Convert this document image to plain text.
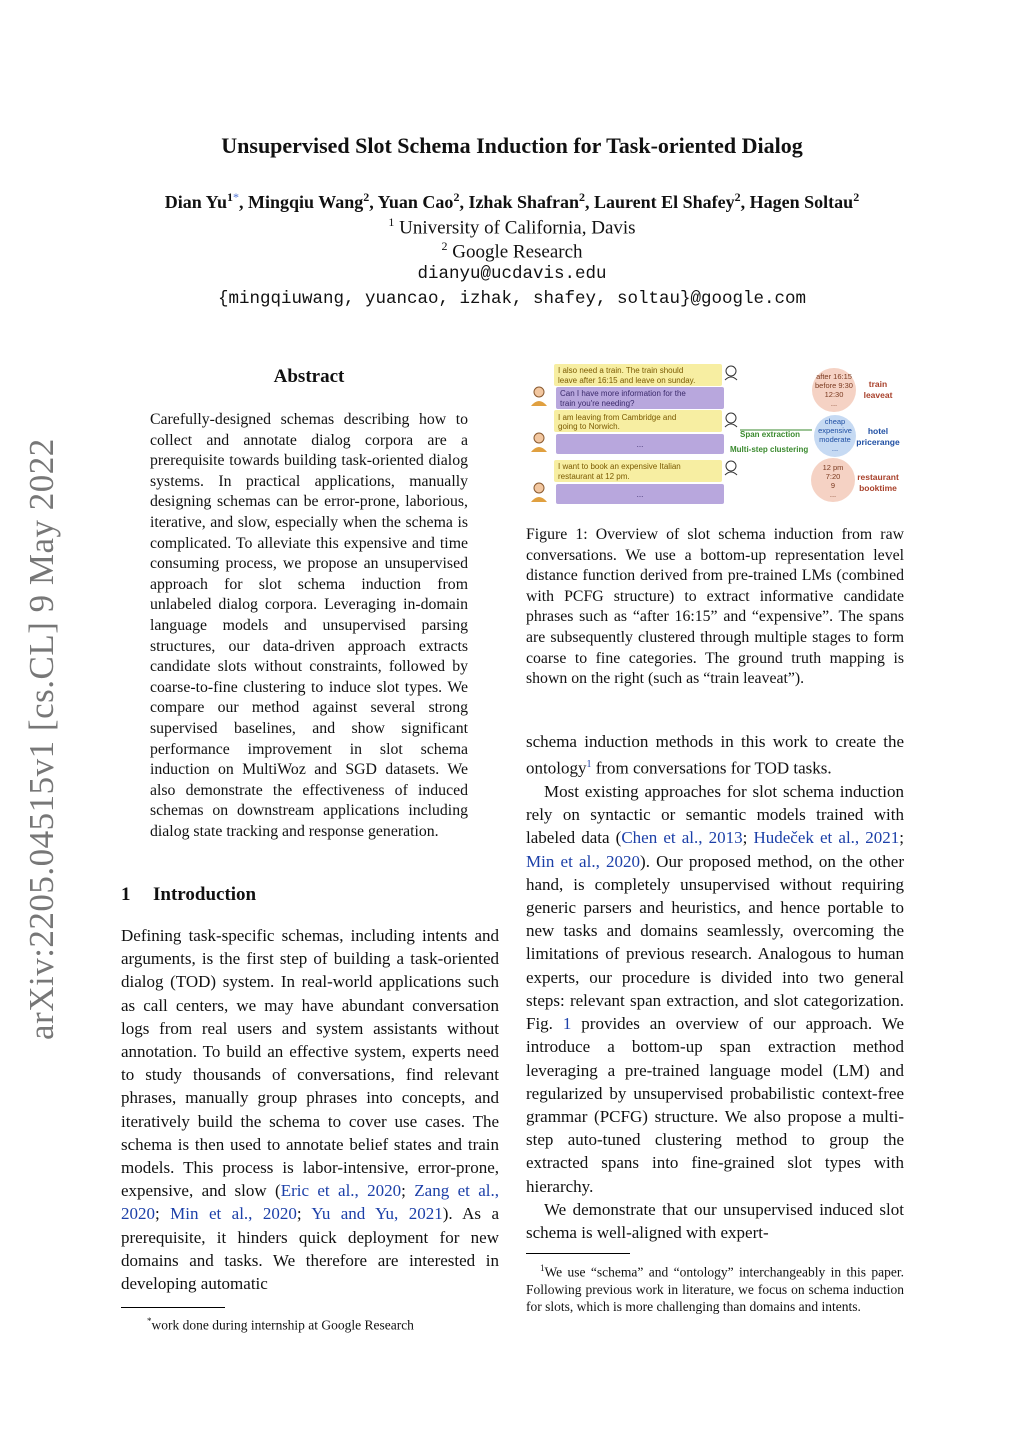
arXiv:2205.04515v1 [cs.CL] 9 May 2022
Unsupervised Slot Schema Induction for Task-oriented Dialog
Dian $Yu^{1*}$, Mingqiu Wang$^2$, Yuan Cao$^2$, Izhak Shafran$^2$, Laurent El Shafey$^2$, Hagen Soltau$^2$
$^1$ University of California, Davis
$^2$ Google Research
dianyu@ucdavis.edu
{mingqiuwang, yuancao, izhak, shafey, soltau}@google.com
Abstract
Carefully-designed schemas describing how to collect and annotate dialog corpora are a prerequisite towards building task-oriented dialog systems. In practical applications, manually designing schemas can be error-prone, laborious, iterative, and slow, especially when the schema is complicated. To alleviate this expensive and time consuming process, we propose an unsupervised approach for slot schema induction from unlabeled dialog corpora. Leveraging in-domain language models and unsupervised parsing structures, our data-driven approach extracts candidate slots without constraints, followed by coarse-to-fine clustering to induce slot types. We compare our method against several strong supervised baselines, and show significant performance improvement in slot schema induction on MultiWoz and SGD datasets. We also demonstrate the effectiveness of induced schemas on downstream applications including dialog state tracking and response generation.
1 Introduction

Defining task-specific schemas, including intents and arguments, is the first step of building a task-oriented dialog (TOD) system. In real-world applications such as call centers, we may have abundant conversation logs from real users and system assistants without annotation. To build an effective system, experts need to study thousands of conversations, find relevant phrases, manually group phrases into concepts, and iteratively build the schema to cover use cases. The schema is then used to annotate belief states and train models. This process is labor-intensive, error-prone, expensive, and slow (Eric et al., 2020; Zang et al., 2020; Min et al., 2020; Yu and Yu, 2021). As a prerequisite, it hinders quick deployment for new domains and tasks. We therefore are interested in developing automatic

*work done during internship at Google Research
I also need a train. The train should
leave after 16:15 and leave on sunday.
Can I have more information for the
train you're needing?
I am leaving from Cambridge and
going to Norwich.
...
I want to book an expensive Italian
restaurant at 12 pm.
...
Span extraction
Multi-step clustering
after 16:15
before 9:30
12:30
...
cheap
expensive
moderate
...
12 pm
7:20
9
...
train
leaveat
hotel
pricerange
restaurant
booktime
Figure 1: Overview of slot schema induction from raw conversations. We use a bottom-up representation level distance function derived from pre-trained LMs (combined with PCFG structure) to extract informative candidate phrases such as “after 16:15” and “expensive”. The spans are subsequently clustered through multiple stages to form coarse to fine categories. The ground truth mapping is shown on the right (such as “train leaveat”).

schema induction methods in this work to create the ontology$^1$ from conversations for TOD tasks.

Most existing approaches for slot schema induction rely on syntactic or semantic models trained with labeled data (Chen et al., 2013; Hudeček et al., 2021; Min et al., 2020). Our proposed method, on the other hand, is completely unsupervised without requiring generic parsers and heuristics, and hence portable to new tasks and domains seamlessly, overcoming the limitations of previous research. Analogous to human experts, our procedure is divided into two general steps: relevant span extraction, and slot categorization. Fig. 1 provides an overview of our approach. We introduce a bottom-up span extraction method leveraging a pre-trained language model (LM) and regularized by unsupervised probabilistic context-free grammar (PCFG) structure. We also propose a multi-step auto-tuned clustering method to group the extracted spans into fine-grained slot types with hierarchy.

We demonstrate that our unsupervised induced slot schema is well-aligned with expert-

$^1$We use “schema” and “ontology” interchangeably in this paper. Following previous work in literature, we focus on schema induction for slots, which is more challenging than domains and intents.
